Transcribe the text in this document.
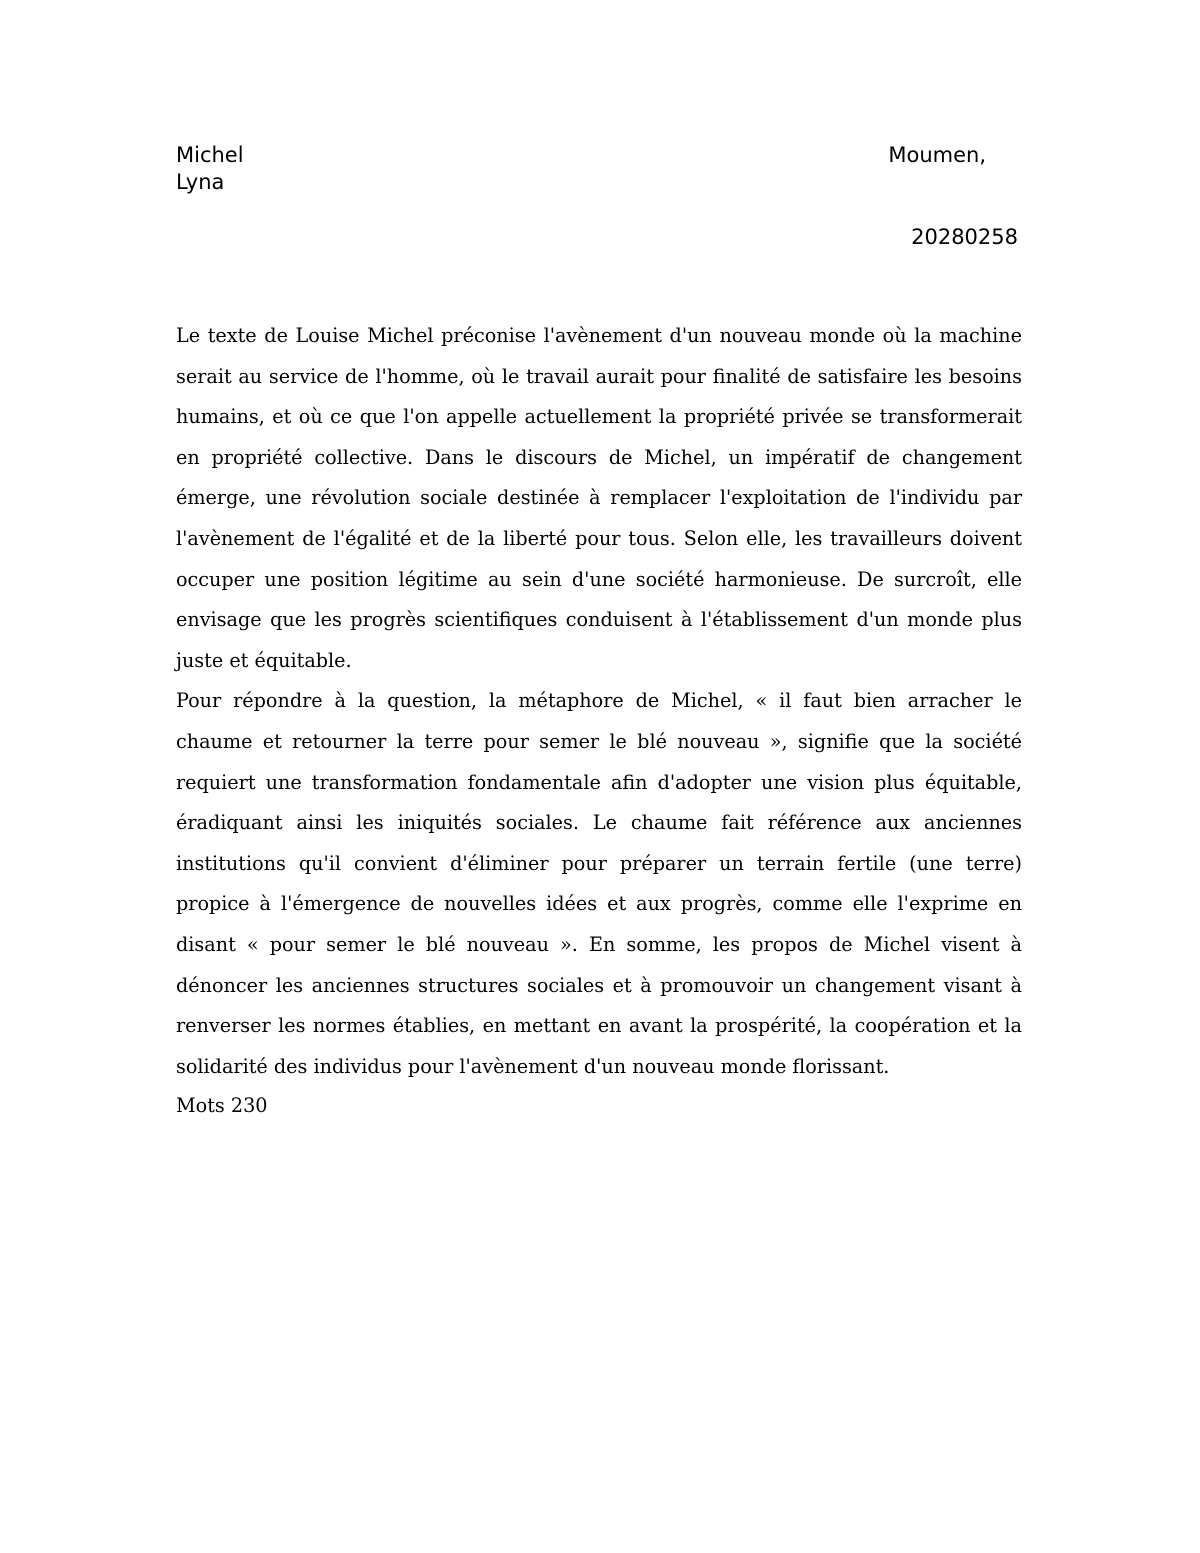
Michel	Moumen,
Lyna
20280258

Le texte de Louise Michel préconise l'avènement d'un nouveau monde où la machine serait au service de l'homme, où le travail aurait pour finalité de satisfaire les besoins humains, et où ce que l'on appelle actuellement la propriété privée se transformerait en propriété collective. Dans le discours de Michel, un impératif de changement émerge, une révolution sociale destinée à remplacer l'exploitation de l'individu par l'avènement de l'égalité et de la liberté pour tous. Selon elle, les travailleurs doivent occuper une position légitime au sein d'une société harmonieuse. De surcroît, elle envisage que les progrès scientifiques conduisent à l'établissement d'un monde plus juste et équitable.

Pour répondre à la question, la métaphore de Michel, « il faut bien arracher le chaume et retourner la terre pour semer le blé nouveau », signifie que la société requiert une transformation fondamentale afin d'adopter une vision plus équitable, éradiquant ainsi les iniquités sociales. Le chaume fait référence aux anciennes institutions qu'il convient d'éliminer pour préparer un terrain fertile (une terre) propice à l'émergence de nouvelles idées et aux progrès, comme elle l'exprime en disant « pour semer le blé nouveau ». En somme, les propos de Michel visent à dénoncer les anciennes structures sociales et à promouvoir un changement visant à renverser les normes établies, en mettant en avant la prospérité, la coopération et la solidarité des individus pour l'avènement d'un nouveau monde florissant.

Mots 230
